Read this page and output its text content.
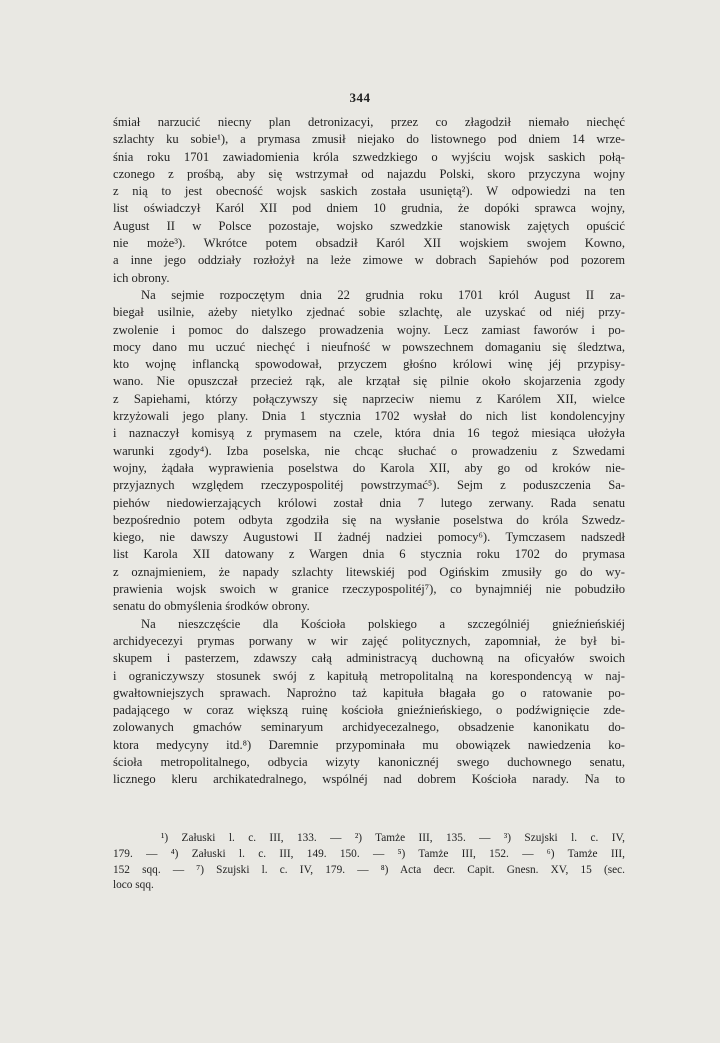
344
śmiał narzucić niecny plan detronizacyi, przez co złagodził niemało niechęć
szlachty ku sobie¹), a prymasa zmusił niejako do listownego pod dniem 14 wrze-
śnia roku 1701 zawiadomienia króla szwedzkiego o wyjściu wojsk saskich połą-
czonego z prośbą, aby się wstrzymał od najazdu Polski, skoro przyczyna wojny
z nią to jest obecność wojsk saskich została usuniętą²). W odpowiedzi na ten
list oświadczył Karól XII pod dniem 10 grudnia, że dopóki sprawca wojny,
August II w Polsce pozostaje, wojsko szwedzkie stanowisk zajętych opuścić
nie może³). Wkrótce potem obsadził Karól XII wojskiem swojem Kowno,
a inne jego oddziały rozłożył na leże zimowe w dobrach Sapiehów pod pozorem
ich obrony.
Na sejmie rozpoczętym dnia 22 grudnia roku 1701 król August II za-
biegał usilnie, ażeby nietylko zjednać sobie szlachtę, ale uzyskać od niéj przy-
zwolenie i pomoc do dalszego prowadzenia wojny. Lecz zamiast faworów i po-
mocy dano mu uczuć niechęć i nieufność w powszechnem domaganiu się śledztwa,
kto wojnę inflancką spowodował, przyczem głośno królowi winę jéj przypisy-
wano. Nie opuszczał przecież rąk, ale krzątał się pilnie około skojarzenia zgody
z Sapiehami, którzy połączywszy się naprzeciw niemu z Karólem XII, wielce
krzyżowali jego plany. Dnia 1 stycznia 1702 wysłał do nich list kondolencyjny
i naznaczył komisyą z prymasem na czele, która dnia 16 tegoż miesiąca ułożyła
warunki zgody⁴). Izba poselska, nie chcąc słuchać o prowadzeniu z Szwedami
wojny, żądała wyprawienia poselstwa do Karola XII, aby go od kroków nie-
przyjaznych względem rzeczypospolitéj powstrzymać⁵). Sejm z poduszczenia Sa-
piehów niedowierzających królowi został dnia 7 lutego zerwany. Rada senatu
bezpośrednio potem odbyta zgodziła się na wysłanie poselstwa do króla Szwedz-
kiego, nie dawszy Augustowi II żadnéj nadziei pomocy⁶). Tymczasem nadszedł
list Karola XII datowany z Wargen dnia 6 stycznia roku 1702 do prymasa
z oznajmieniem, że napady szlachty litewskiéj pod Ogińskim zmusiły go do wy-
prawienia wojsk swoich w granice rzeczypospolitéj⁷), co bynajmniéj nie pobudziło
senatu do obmyślenia środków obrony.
Na nieszczęście dla Kościoła polskiego a szczególniéj gnieźnieńskiéj
archidyecezyi prymas porwany w wir zajęć politycznych, zapomniał, że był bi-
skupem i pasterzem, zdawszy całą administracyą duchowną na oficyałów swoich
i ograniczywszy stosunek swój z kapitułą metropolitalną na korespondencyą w naj-
gwałtowniejszych sprawach. Naprożno taż kapituła błagała go o ratowanie po-
padającego w coraz większą ruinę kościoła gnieźnieńskiego, o podźwignięcie zde-
zolowanych gmachów seminaryum archidyecezalnego, obsadzenie kanonikatu do-
ktora medycyny itd.⁸) Daremnie przypominała mu obowiązek nawiedzenia ko-
ścioła metropolitalnego, odbycia wizyty kanonicznéj swego duchownego senatu,
licznego kleru archikatedralnego, wspólnéj nad dobrem Kościoła narady. Na to
¹) Załuski l. c. III, 133. — ²) Tamże III, 135. — ³) Szujski l. c. IV,
179. — ⁴) Załuski l. c. III, 149. 150. — ⁵) Tamże III, 152. — ⁶) Tamże III,
152 sqq. — ⁷) Szujski l. c. IV, 179. — ⁸) Acta decr. Capit. Gnesn. XV, 15 (sec.
loco sqq.
